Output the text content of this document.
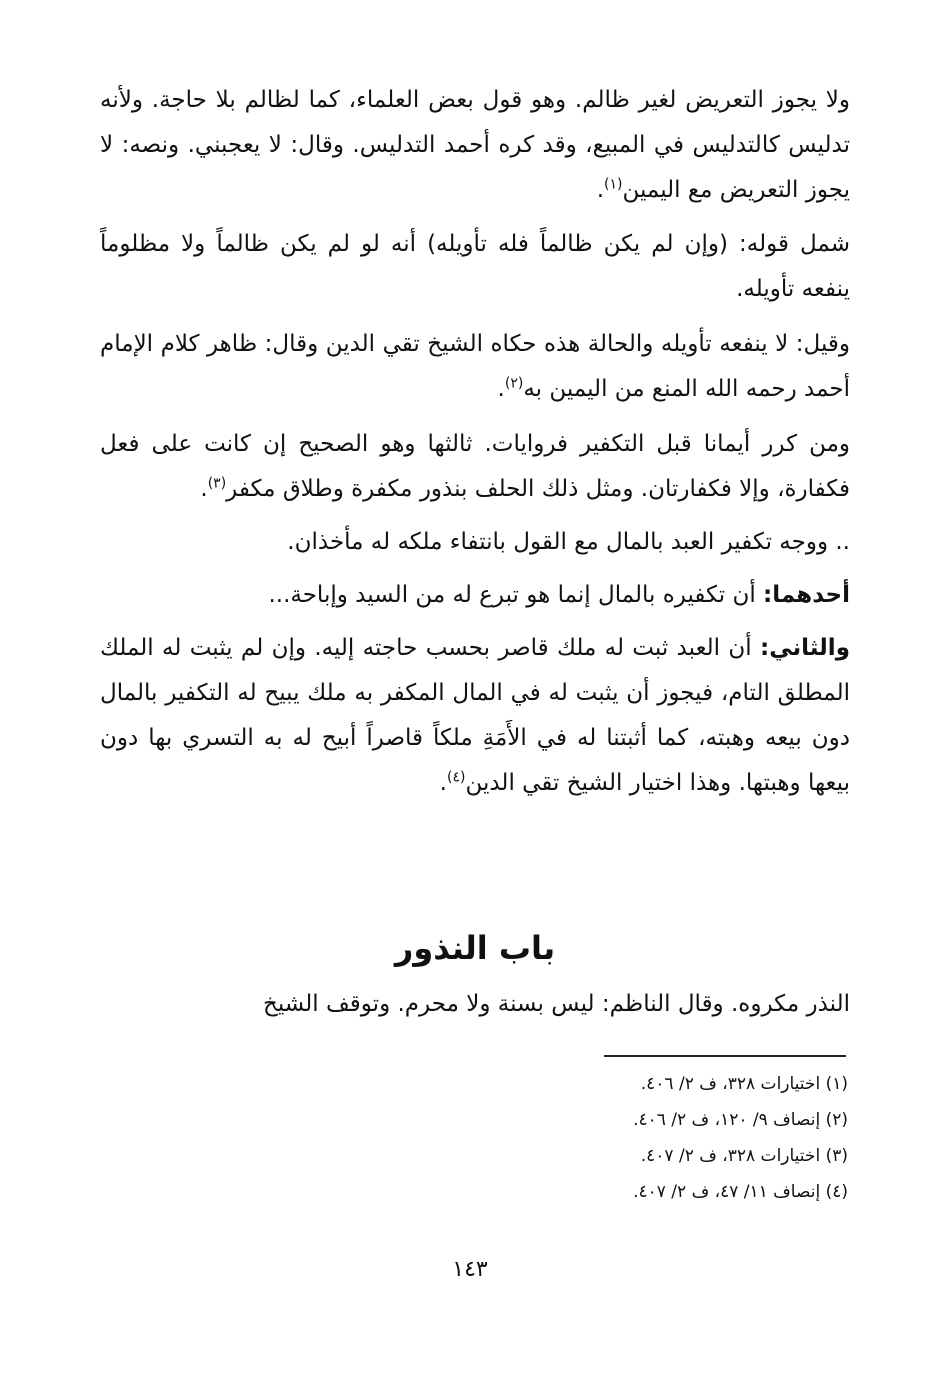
ولا يجوز التعريض لغير ظالم. وهو قول بعض العلماء، كما لظالم بلا حاجة. ولأنه تدليس كالتدليس في المبيع، وقد كره أحمد التدليس. وقال: لا يعجبني. ونصه: لا يجوز التعريض مع اليمين$^{(١)}$.

شمل قوله: (وإن لم يكن ظالماً فله تأويله) أنه لو لم يكن ظالماً ولا مظلوماً ينفعه تأويله.

وقيل: لا ينفعه تأويله والحالة هذه حكاه الشيخ تقي الدين وقال: ظاهر كلام الإمام أحمد رحمه الله المنع من اليمين به$^{(٢)}$.

ومن كرر أيمانا قبل التكفير فروايات. ثالثها وهو الصحيح إن كانت على فعل فكفارة، وإلا فكفارتان. ومثل ذلك الحلف بنذور مكفرة وطلاق مكفر$^{(٣)}$.

.. ووجه تكفير العبد بالمال مع القول بانتفاء ملكه له مأخذان.

أحدهما: أن تكفيره بالمال إنما هو تبرع له من السيد وإباحة...

والثاني: أن العبد ثبت له ملك قاصر بحسب حاجته إليه. وإن لم يثبت له الملك المطلق التام، فيجوز أن يثبت له في المال المكفر به ملك يبيح له التكفير بالمال دون بيعه وهبته، كما أثبتنا له في الأَمَةِ ملكاً قاصراً أبيح له به التسري بها دون بيعها وهبتها. وهذا اختيار الشيخ تقي الدين$^{(٤)}$.

باب النذور

النذر مكروه. وقال الناظم: ليس بسنة ولا محرم. وتوقف الشيخ

(١) اختيارات ٣٢٨، ف ٢/ ٤٠٦.

(٢) إنصاف ٩/ ١٢٠، ف ٢/ ٤٠٦.

(٣) اختيارات ٣٢٨، ف ٢/ ٤٠٧.

(٤) إنصاف ١١/ ٤٧، ف ٢/ ٤٠٧.

١٤٣
